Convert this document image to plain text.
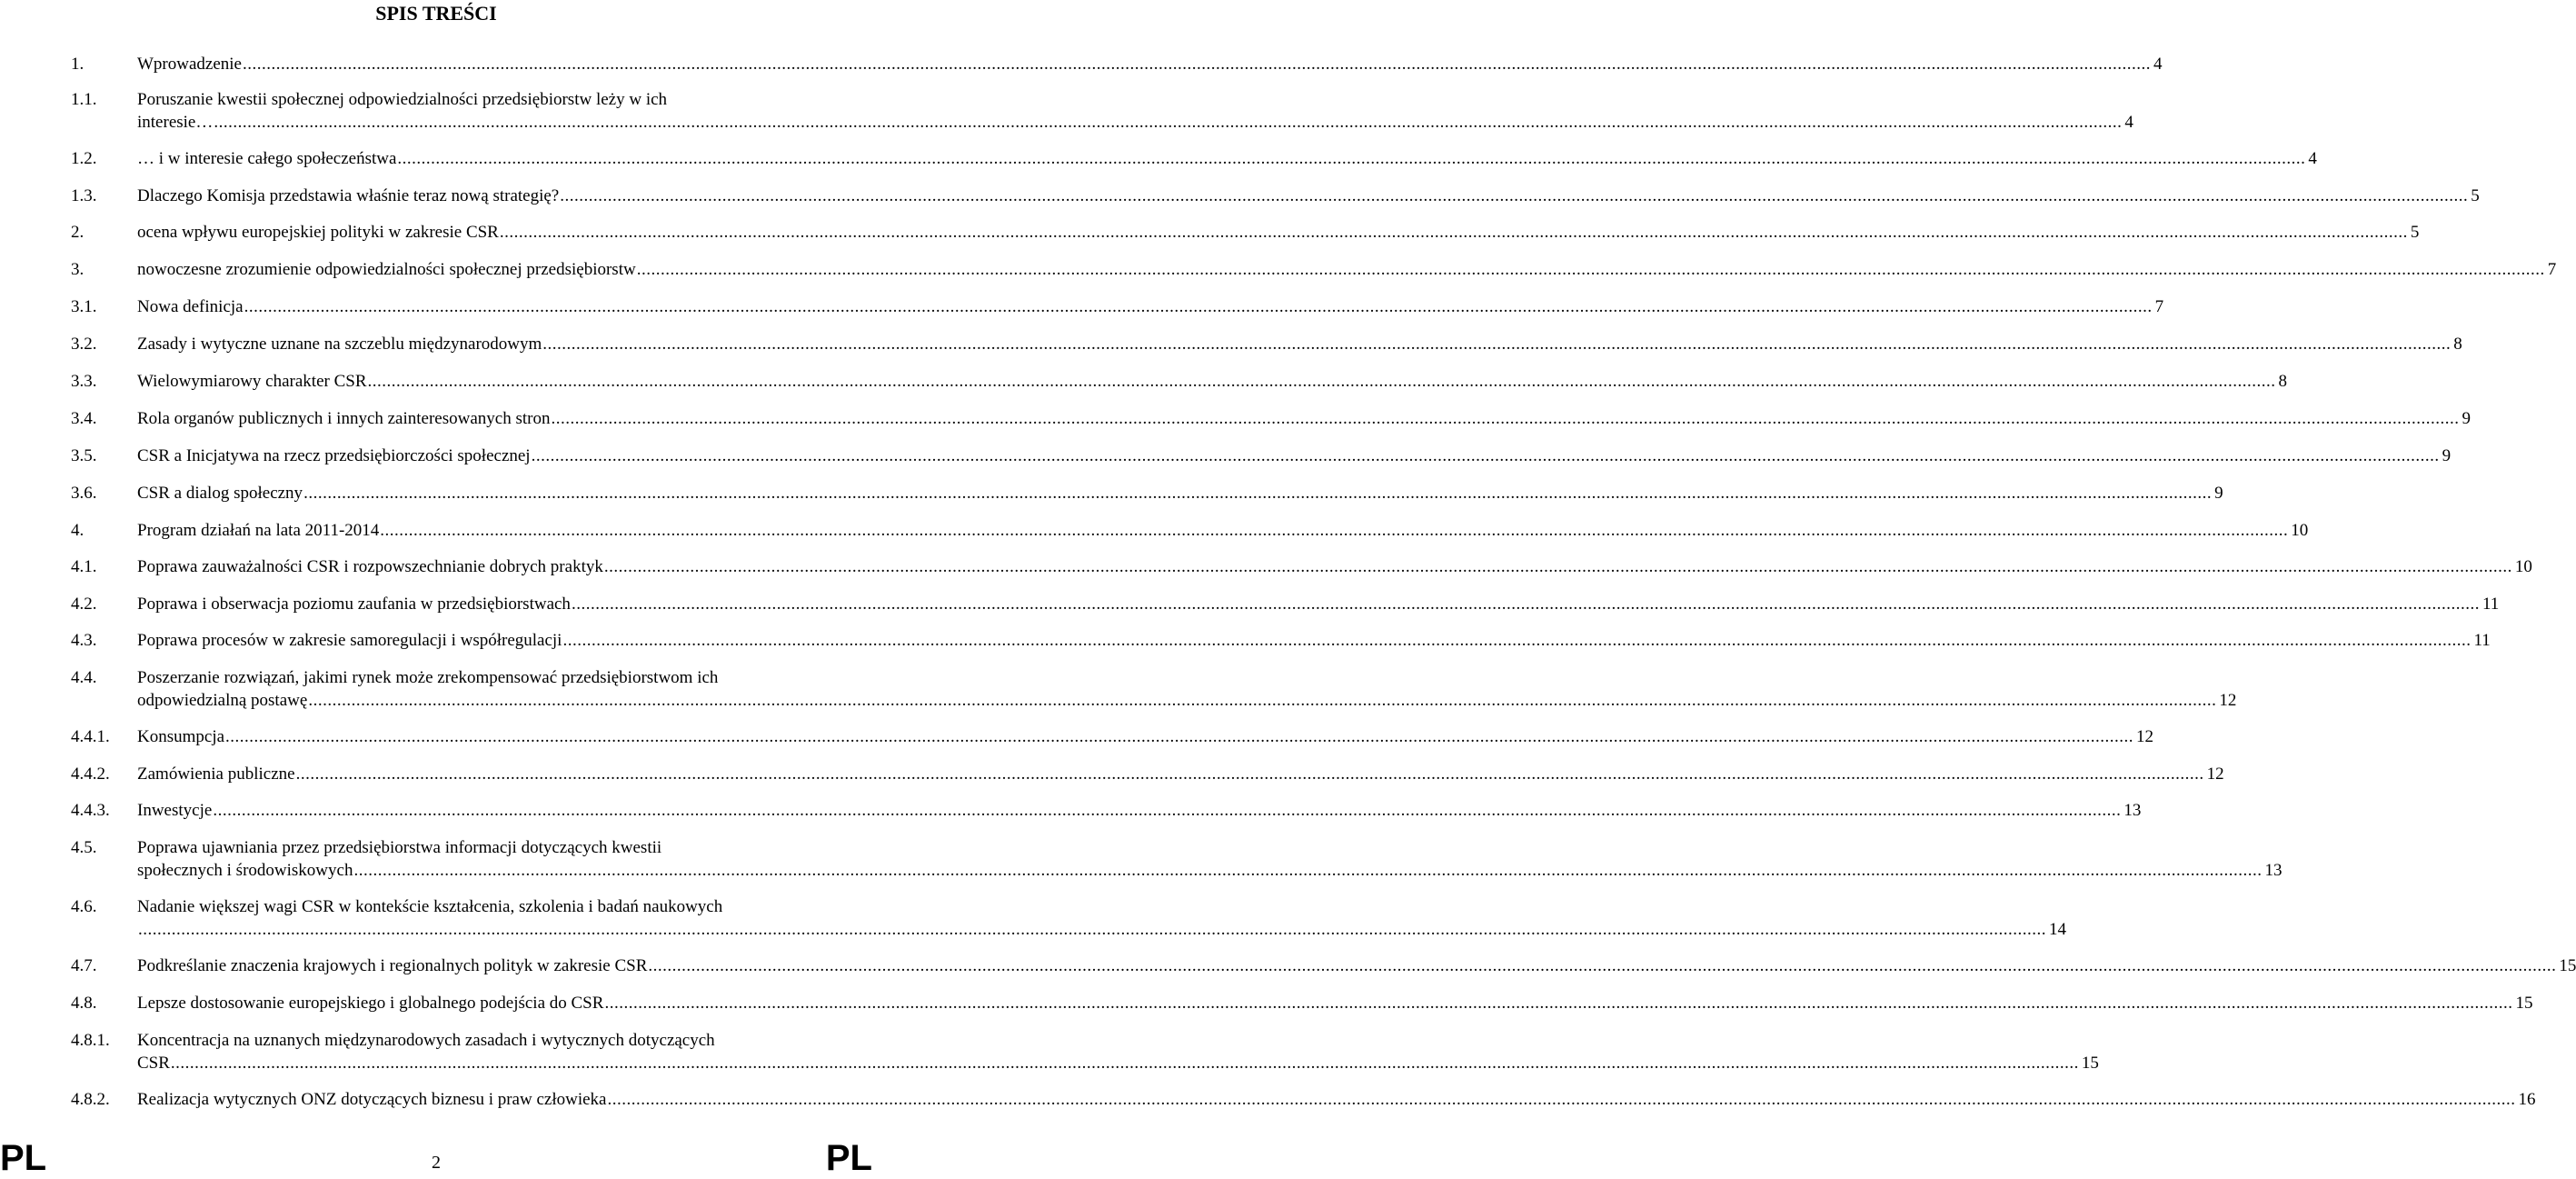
SPIS TREŚCI
1.	Wprowadzenie ................................................................................................................................................................................................................................................................................................................................................................................................................ 4
1.1. Poruszanie kwestii społecznej odpowiedzialności przedsiębiorstw leży w ich
interesie… ................................................................................................................................................................................................................................................................................................................................................................................................................ 4
1.2. … i w interesie całego społeczeństwa ................................................................................................................................................................................................................................................................................................................................................................................................................ 4
1.3. Dlaczego Komisja przedstawia właśnie teraz nową strategię? ................................................................................................................................................................................................................................................................................................................................................................................................................ 5
2.	ocena wpływu europejskiej polityki w zakresie CSR ................................................................................................................................................................................................................................................................................................................................................................................................................ 5
3.	nowoczesne zrozumienie odpowiedzialności społecznej przedsiębiorstw ................................................................................................................................................................................................................................................................................................................................................................................................................ 7
3.1. Nowa definicja ................................................................................................................................................................................................................................................................................................................................................................................................................ 7
3.2. Zasady i wytyczne uznane na szczeblu międzynarodowym ................................................................................................................................................................................................................................................................................................................................................................................................................ 8
3.3. Wielowymiarowy charakter CSR ................................................................................................................................................................................................................................................................................................................................................................................................................ 8
3.4. Rola organów publicznych i innych zainteresowanych stron ................................................................................................................................................................................................................................................................................................................................................................................................................ 9
3.5. CSR a Inicjatywa na rzecz przedsiębiorczości społecznej ................................................................................................................................................................................................................................................................................................................................................................................................................ 9
3.6. CSR a dialog społeczny ................................................................................................................................................................................................................................................................................................................................................................................................................ 9
4.	Program działań na lata 2011-2014 ................................................................................................................................................................................................................................................................................................................................................................................................................ 10
4.1. Poprawa zauważalności CSR i rozpowszechnianie dobrych praktyk ................................................................................................................................................................................................................................................................................................................................................................................................................ 10
4.2. Poprawa i obserwacja poziomu zaufania w przedsiębiorstwach ................................................................................................................................................................................................................................................................................................................................................................................................................ 11
4.3. Poprawa procesów w zakresie samoregulacji i współregulacji ................................................................................................................................................................................................................................................................................................................................................................................................................ 11
4.4. Poszerzanie rozwiązań, jakimi rynek może zrekompensować przedsiębiorstwom ich
odpowiedzialną postawę ................................................................................................................................................................................................................................................................................................................................................................................................................ 12
4.4.1. Konsumpcja ................................................................................................................................................................................................................................................................................................................................................................................................................ 12
4.4.2. Zamówienia publiczne ................................................................................................................................................................................................................................................................................................................................................................................................................ 12
4.4.3. Inwestycje ................................................................................................................................................................................................................................................................................................................................................................................................................ 13
4.5. Poprawa ujawniania przez przedsiębiorstwa informacji dotyczących kwestii
społecznych i środowiskowych ................................................................................................................................................................................................................................................................................................................................................................................................................ 13
4.6. Nadanie większej wagi CSR w kontekście kształcenia, szkolenia i badań naukowych
................................................................................................................................................................................................................................................................................................................................................................................................................ 14
4.7. Podkreślanie znaczenia krajowych i regionalnych polityk w zakresie CSR ................................................................................................................................................................................................................................................................................................................................................................................................................ 15
4.8. Lepsze dostosowanie europejskiego i globalnego podejścia do CSR ................................................................................................................................................................................................................................................................................................................................................................................................................ 15
4.8.1. Koncentracja na uznanych międzynarodowych zasadach i wytycznych dotyczących
CSR ................................................................................................................................................................................................................................................................................................................................................................................................................ 15
4.8.2. Realizacja wytycznych ONZ dotyczących biznesu i praw człowieka ................................................................................................................................................................................................................................................................................................................................................................................................................ 16
PL	2	PL
